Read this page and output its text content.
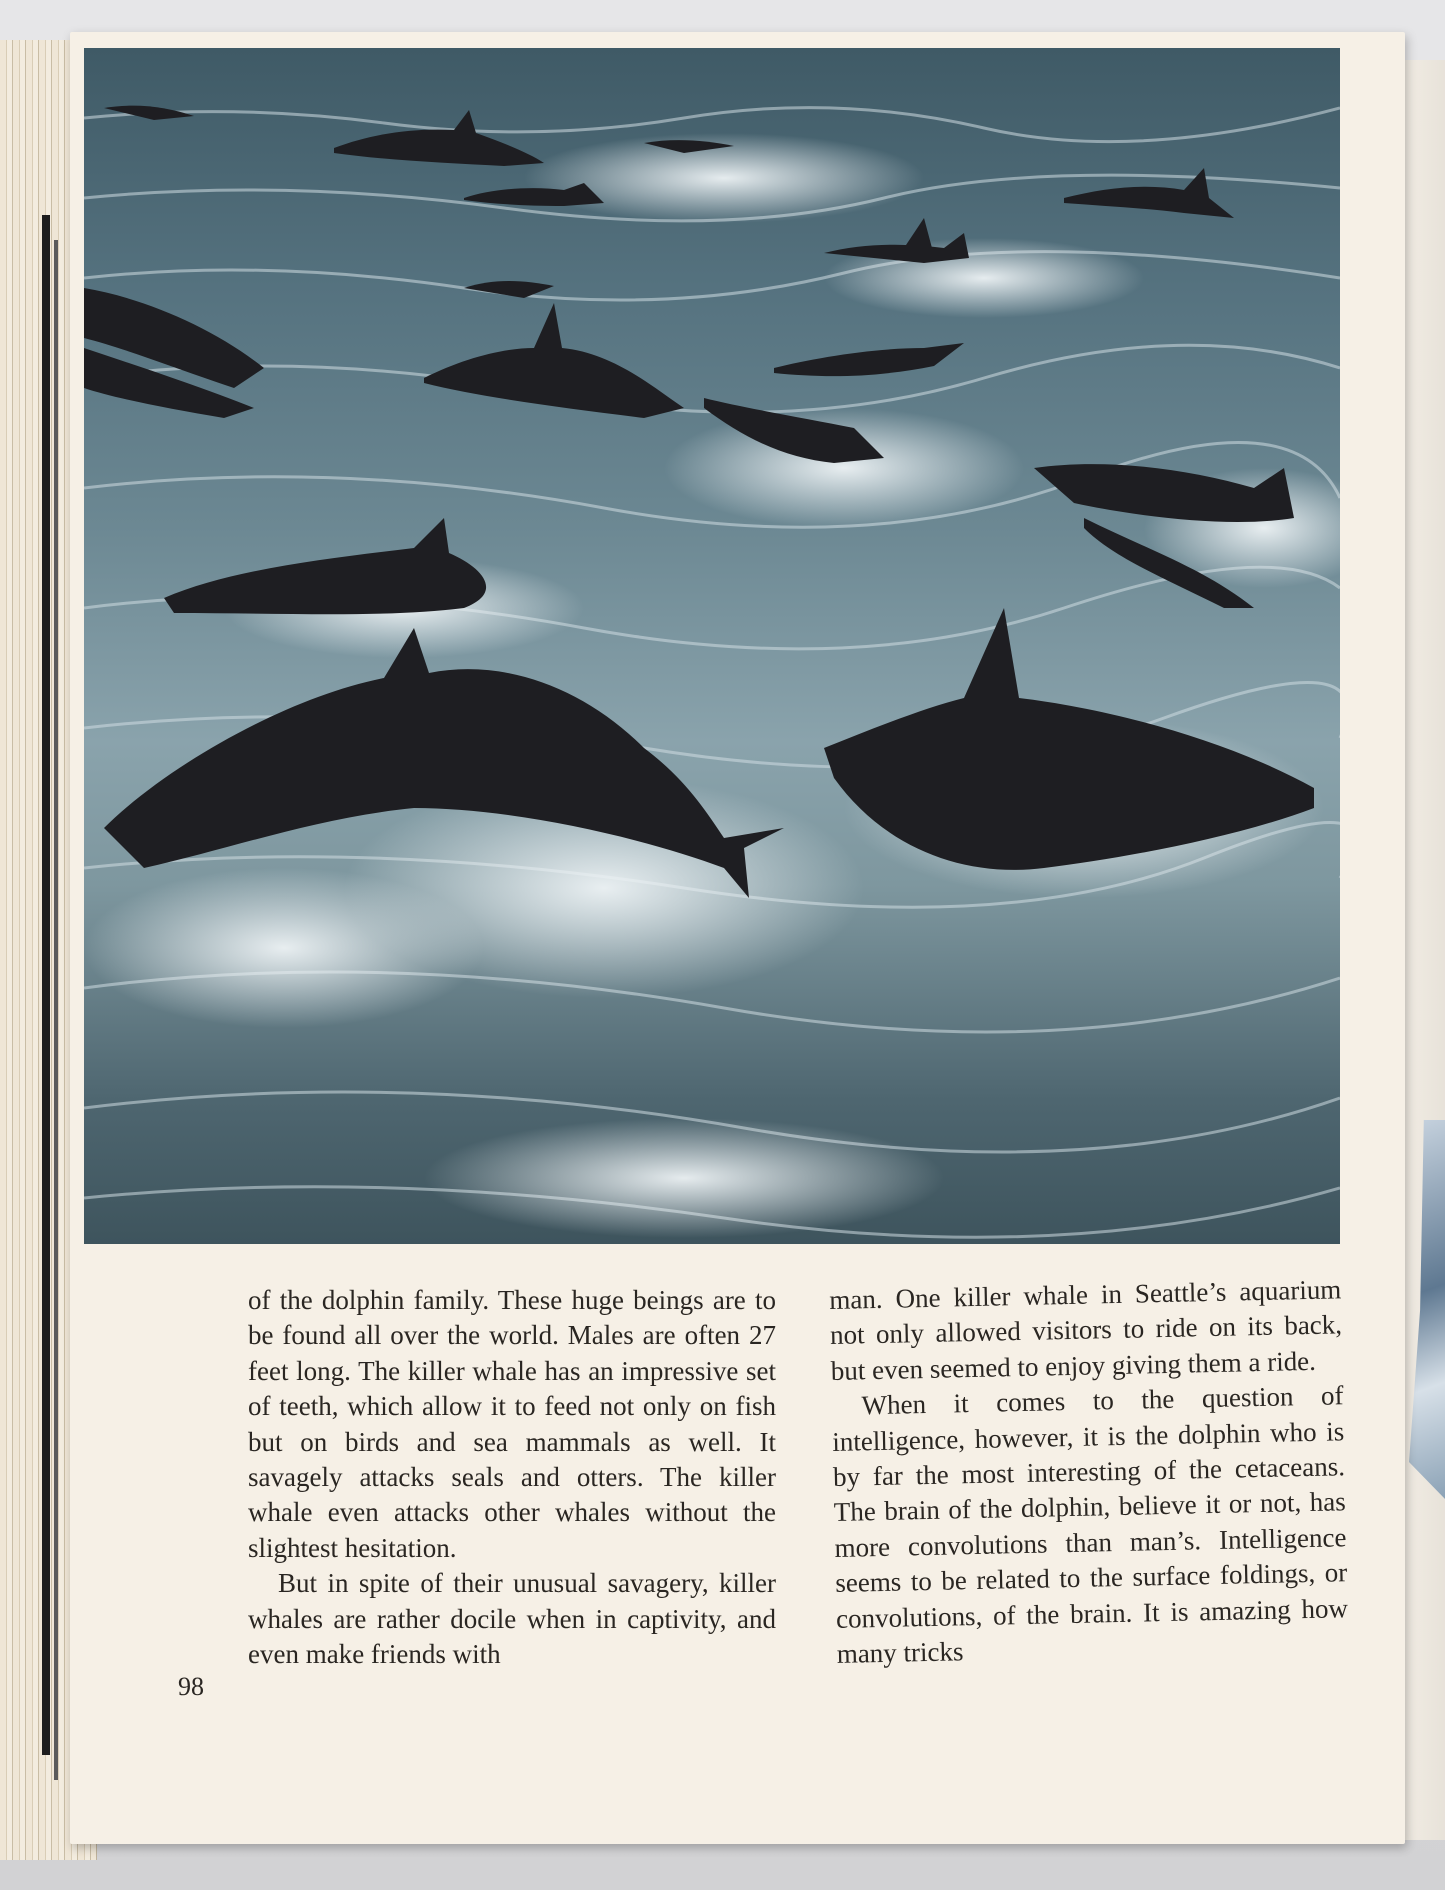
of the dolphin family. These huge beings are to be found all over the world. Males are often 27 feet long. The killer whale has an impressive set of teeth, which allow it to feed not only on fish but on birds and sea mammals as well. It savagely attacks seals and otters. The killer whale even attacks other whales without the slightest hesitation.

But in spite of their unusual savagery, killer whales are rather docile when in captivity, and even make friends with

man. One killer whale in Seattle’s aquarium not only allowed visitors to ride on its back, but even seemed to enjoy giving them a ride.

When it comes to the question of intelligence, however, it is the dolphin who is by far the most interesting of the cetaceans. The brain of the dolphin, believe it or not, has more convolutions than man’s. Intelligence seems to be related to the surface foldings, or convolutions, of the brain. It is amazing how many tricks

98
